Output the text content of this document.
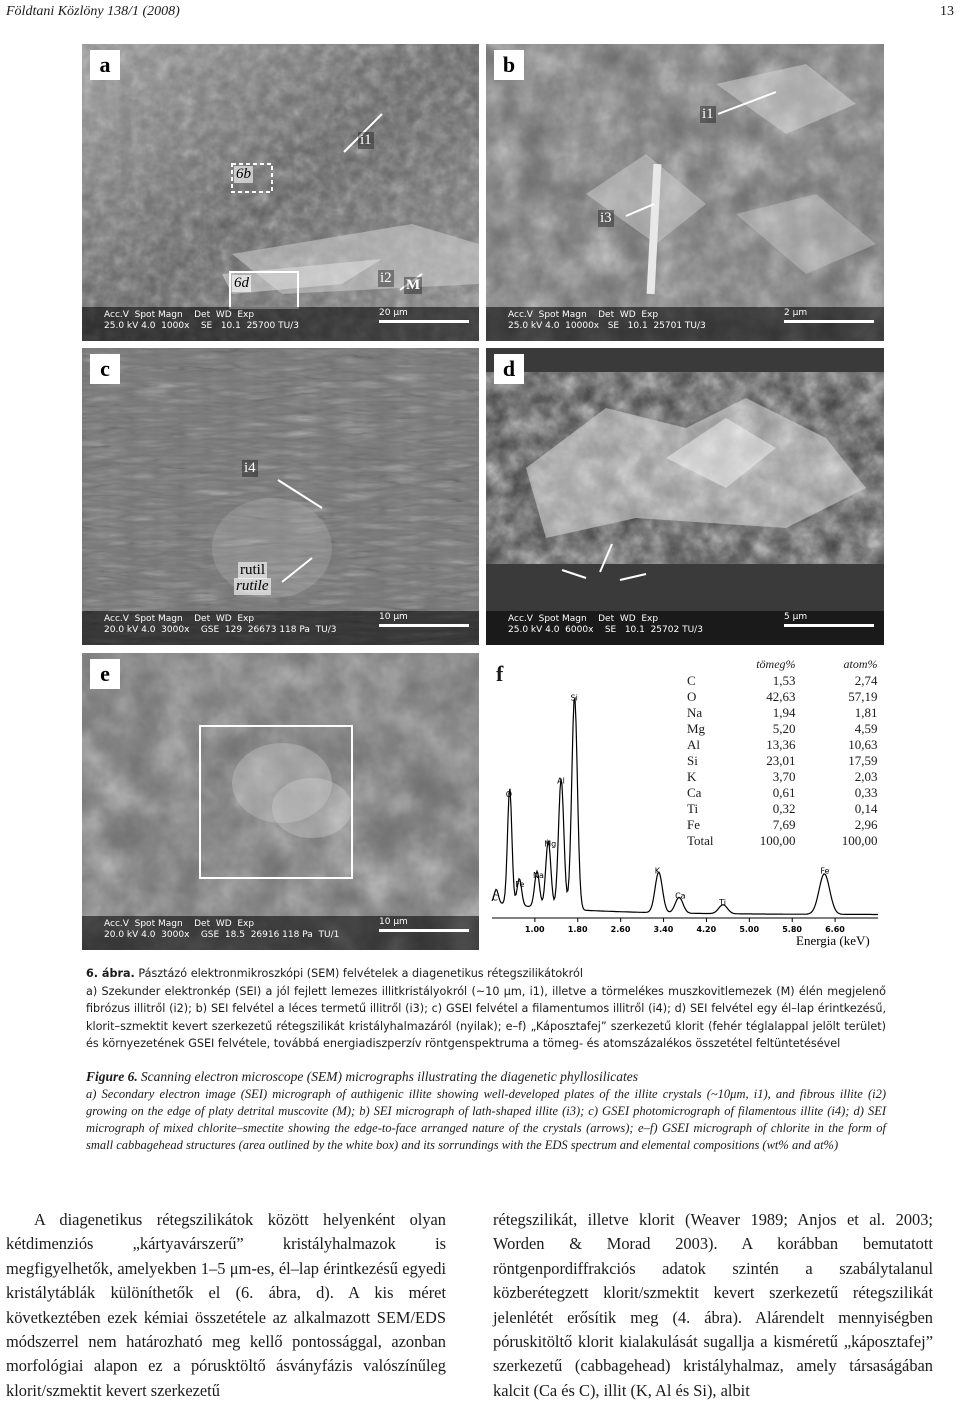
Földtani Közlöny 138/1 (2008)	13
a
i1
6b
6d	i2 M
Acc.V  Spot Magn    Det  WD  Exp
25.0 kV 4.0  1000x    SE   10.1  25700 TU/3
20 μm
b
i1
i3
Acc.V  Spot Magn    Det  WD  Exp
25.0 kV 4.0  10000x   SE   10.1  25701 TU/3
2 μm
c
i4
rutil
rutile
Acc.V  Spot Magn    Det  WD  Exp
20.0 kV 4.0  3000x    GSE  129  26673 118 Pa  TU/3
10 μm
d
Acc.V  Spot Magn    Det  WD  Exp
25.0 kV 4.0  6000x    SE   10.1  25702 TU/3
5 μm
e
Acc.V  Spot Magn    Det  WD  Exp
20.0 kV 4.0  3000x    GSE  18.5  26916 118 Pa  TU/1
10 μm
f
C
O
Fe
Na
Mg
Al
Si
K
Ca
Ti
Fe
1.00	1.80	2.60	3.40	4.20	5.00	5.80	6.60
Energia (keV)
	tömeg%	atom%
C	1,53	2,74
O	42,63	57,19
Na	1,94	1,81
Mg	5,20	4,59
Al	13,36	10,63
Si	23,01	17,59
K	3,70	2,03
Ca	0,61	0,33
Ti	0,32	0,14
Fe	7,69	2,96
Total	100,00	100,00
6. ábra. Pásztázó elektronmikroszkópi (SEM) felvételek a diagenetikus rétegszilikátokról
a) Szekunder elektronkép (SEI) a jól fejlett lemezes illitkristályokról (~10 μm, i1), illetve a törmelékes muszkovitlemezek (M) élén megjelenő fibrózus illitről (i2); b) SEI felvétel a léces termetű illitről (i3); c) GSEI felvétel a filamentumos illitről (i4); d) SEI felvétel egy él–lap érintkezésű, klorit–szmektit kevert szerkezetű rétegszilikát kristályhalmazáról (nyilak); e–f) „Káposztafej” szerkezetű klorit (fehér téglalappal jelölt terület) és környezetének GSEI felvétele, továbbá energiadiszperzív röntgenspektruma a tömeg- és atomszázalékos összetétel feltüntetésével
Figure 6. Scanning electron microscope (SEM) micrographs illustrating the diagenetic phyllosilicates
a) Secondary electron image (SEI) micrograph of authigenic illite showing well-developed plates of the illite crystals (~10μm, i1), and fibrous illite (i2) growing on the edge of platy detrital muscovite (M); b) SEI micrograph of lath-shaped illite (i3); c) GSEI photomicrograph of filamentous illite (i4); d) SEI micrograph of mixed chlorite–smectite showing the edge-to-face arranged nature of the crystals (arrows); e–f) GSEI micrograph of chlorite in the form of small cabbagehead structures (area outlined by the white box) and its sorrundings with the EDS spectrum and elemental compositions (wt% and at%)
A diagenetikus rétegszilikátok között helyenként olyan kétdimenziós „kártyavárszerű” kristályhalmazok is megfigyelhetők, amelyekben 1–5 μm-es, él–lap érintkezésű egyedi kristálytáblák különíthetők el (6. ábra, d). A kis méret következtében ezek kémiai összetétele az alkalmazott SEM/EDS módszerrel nem határozható meg kellő pontossággal, azonban morfológiai alapon ez a pórusktöltő ásványfázis valószínűleg klorit/szmektit kevert szerkezetű
rétegszilikát, illetve klorit (Weaver 1989; Anjos et al. 2003; Worden & Morad 2003). A korábban bemutatott röntgenpordiffrakciós adatok szintén a szabálytalanul közberétegzett klorit/szmektit kevert szerkezetű rétegszilikát jelenlétét erősítik meg (4. ábra). Alárendelt mennyiségben póruskitöltő klorit kialakulását sugallja a kisméretű „káposztafej” szerkezetű (cabbagehead) kristályhalmaz, amely társaságában kalcit (Ca és C), illit (K, Al és Si), albit
